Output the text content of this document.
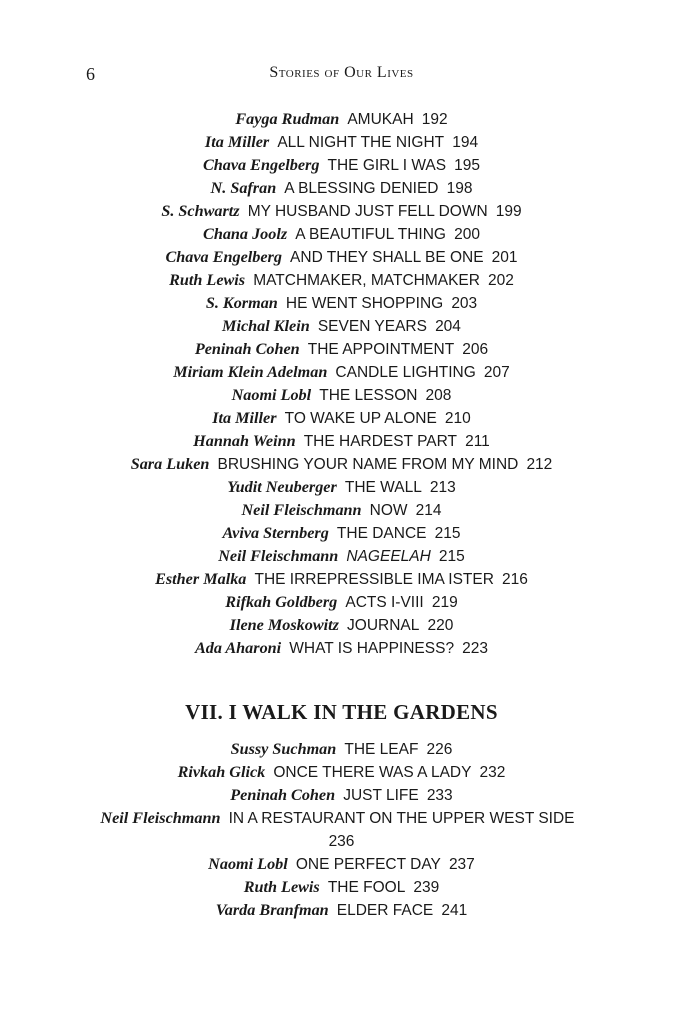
6	Stories of Our Lives
Fayga Rudman  AMUKAH  192
Ita Miller  ALL NIGHT THE NIGHT  194
Chava Engelberg  THE GIRL I WAS  195
N. Safran  A BLESSING DENIED  198
S. Schwartz  MY HUSBAND JUST FELL DOWN  199
Chana Joolz  A BEAUTIFUL THING  200
Chava Engelberg  AND THEY SHALL BE ONE  201
Ruth Lewis  MATCHMAKER, MATCHMAKER  202
S. Korman  HE WENT SHOPPING  203
Michal Klein  SEVEN YEARS  204
Peninah Cohen  THE APPOINTMENT  206
Miriam Klein Adelman  CANDLE LIGHTING  207
Naomi Lobl  THE LESSON  208
Ita Miller  TO WAKE UP ALONE  210
Hannah Weinn  THE HARDEST PART  211
Sara Luken  BRUSHING YOUR NAME FROM MY MIND  212
Yudit Neuberger  THE WALL  213
Neil Fleischmann  NOW  214
Aviva Sternberg  THE DANCE  215
Neil Fleischmann  NAGEELAH  215
Esther Malka  THE IRREPRESSIBLE IMA ISTER  216
Rifkah Goldberg  ACTS I-VIII  219
Ilene Moskowitz  JOURNAL  220
Ada Aharoni  WHAT IS HAPPINESS?  223
VII. I WALK IN THE GARDENS
Sussy Suchman  THE LEAF  226
Rivkah Glick  ONCE THERE WAS A LADY  232
Peninah Cohen  JUST LIFE  233
Neil Fleischmann  IN A RESTAURANT ON THE UPPER WEST SIDE 236
Naomi Lobl  ONE PERFECT DAY  237
Ruth Lewis  THE FOOL  239
Varda Branfman  ELDER FACE  241
